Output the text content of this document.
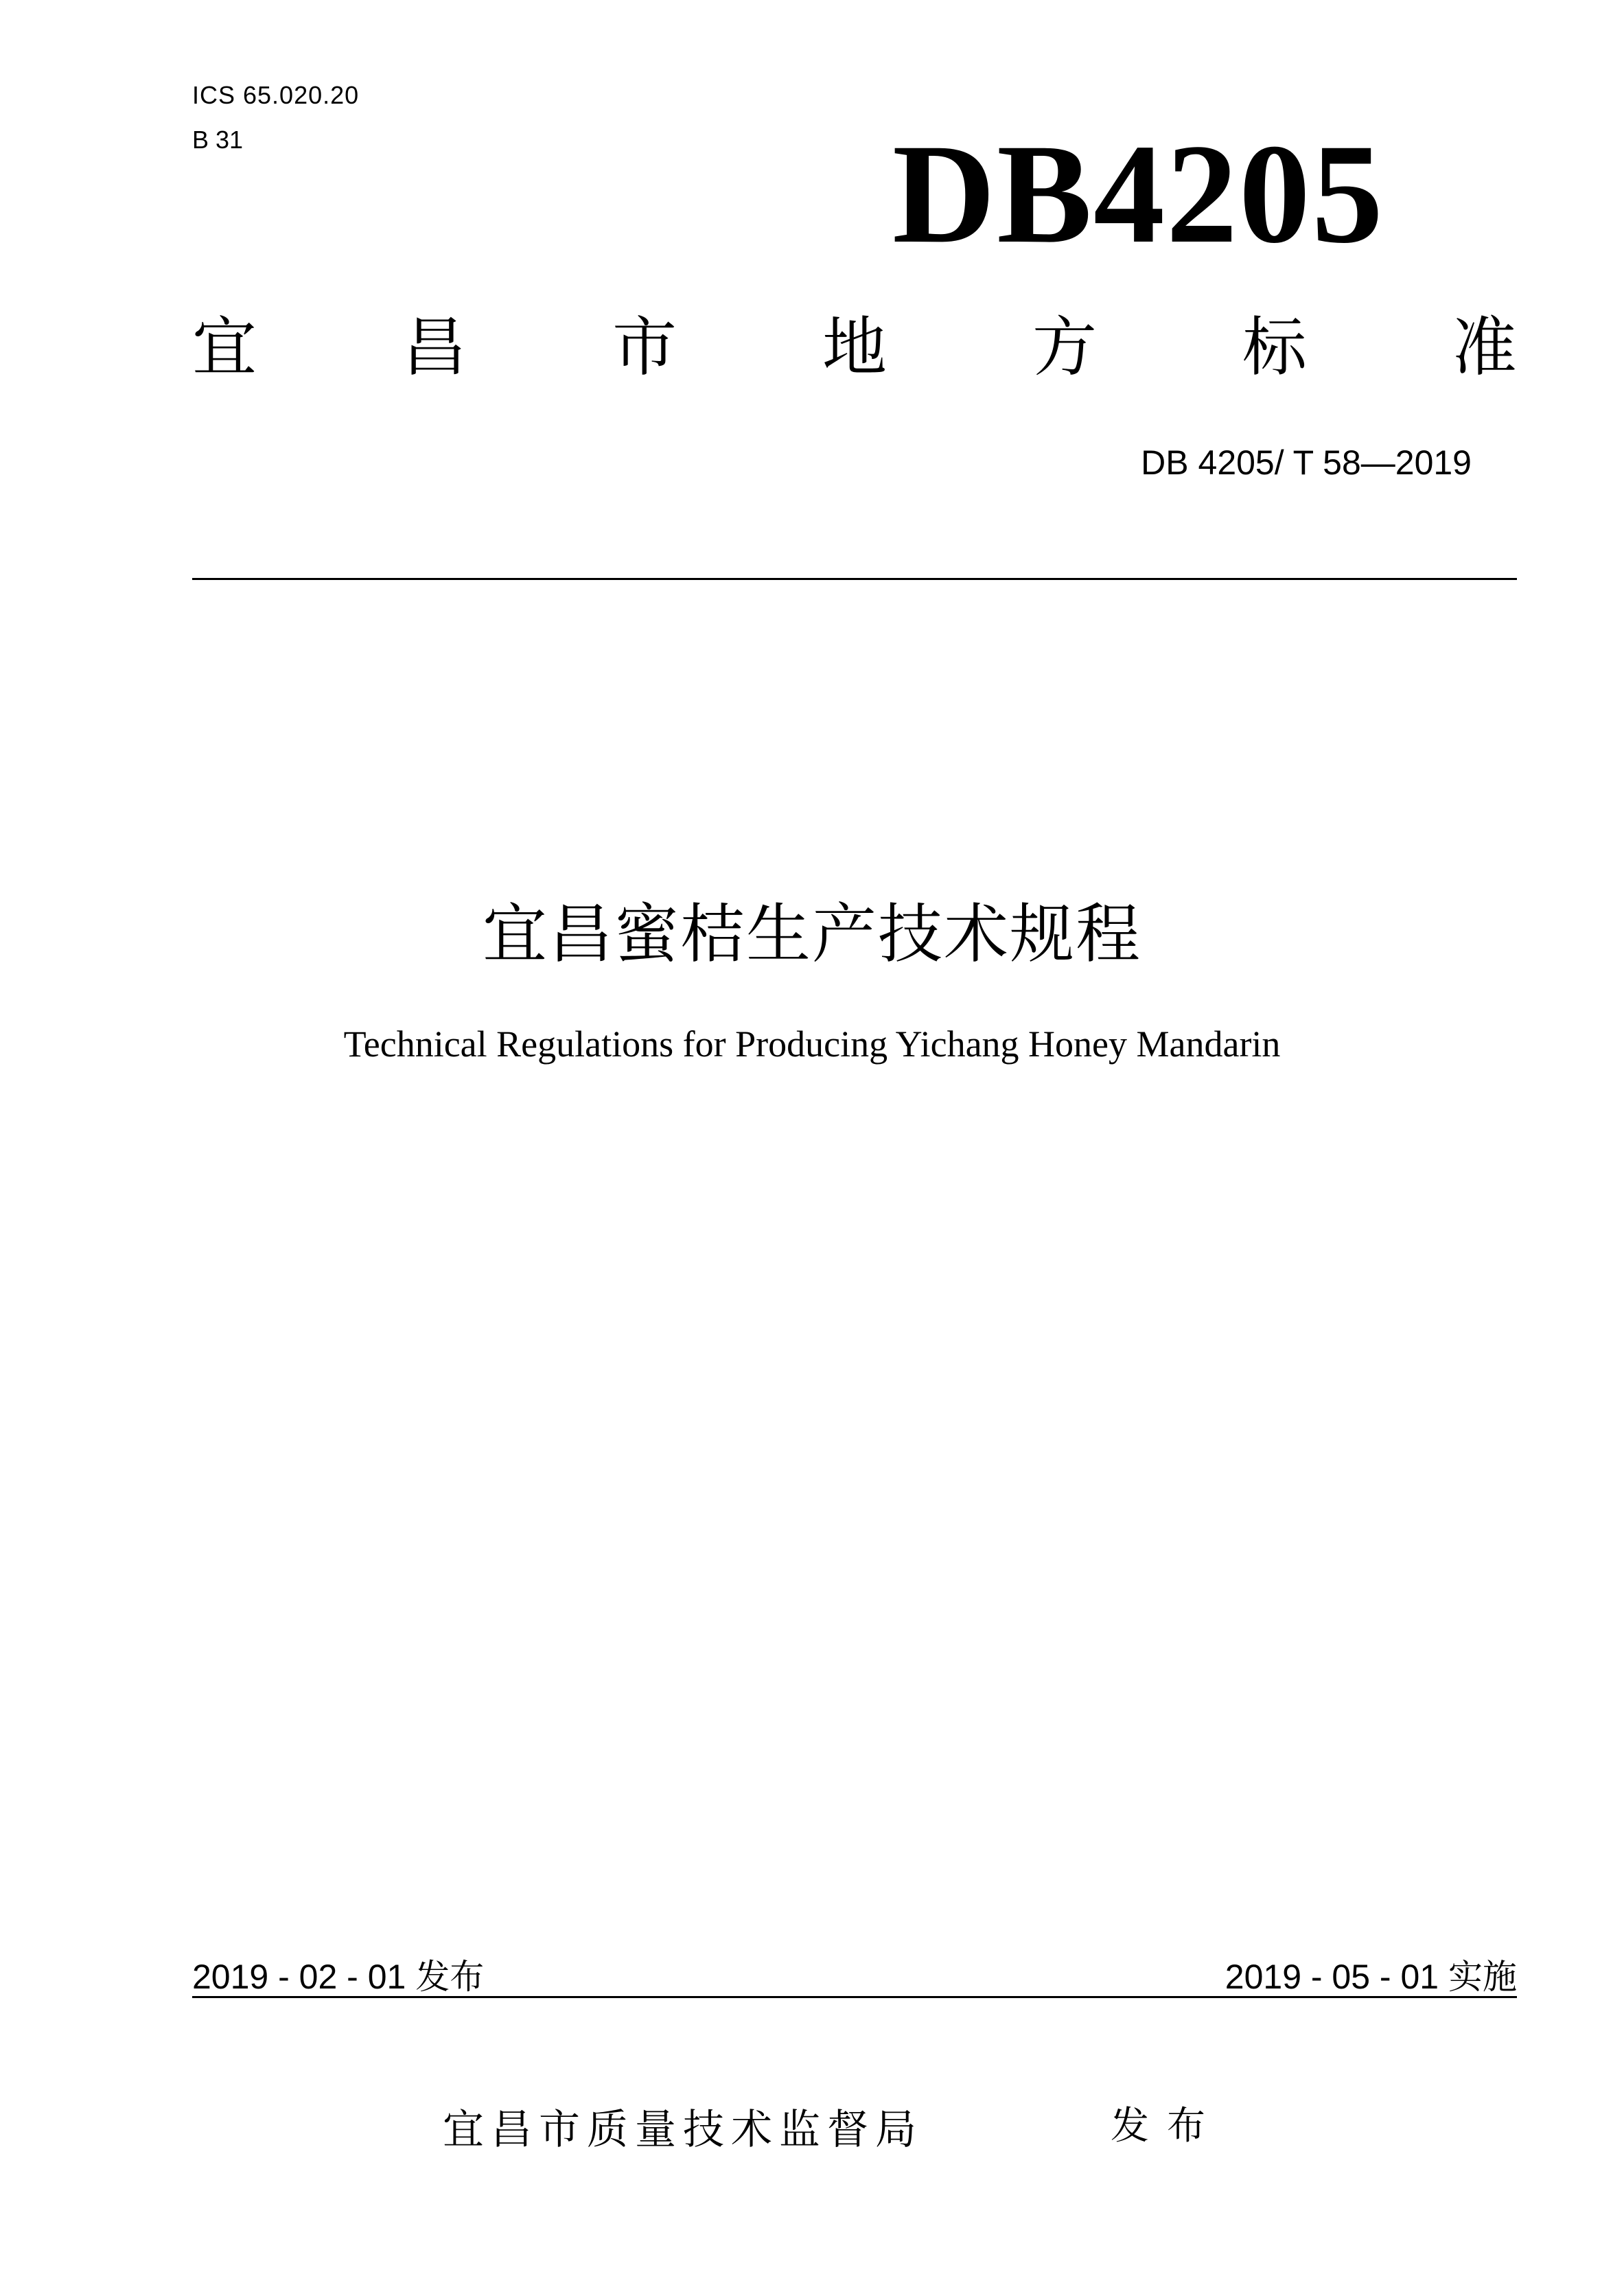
ICS 65.020.20
B 31	DB4205
宜 昌 市 地 方 标 准
DB 4205/ T 58—2019
宜昌蜜桔生产技术规程
Technical Regulations for Producing Yichang Honey Mandarin
2019 - 02 - 01 发布	2019 - 05 - 01 实施
宜昌市质量技术监督局	发布
